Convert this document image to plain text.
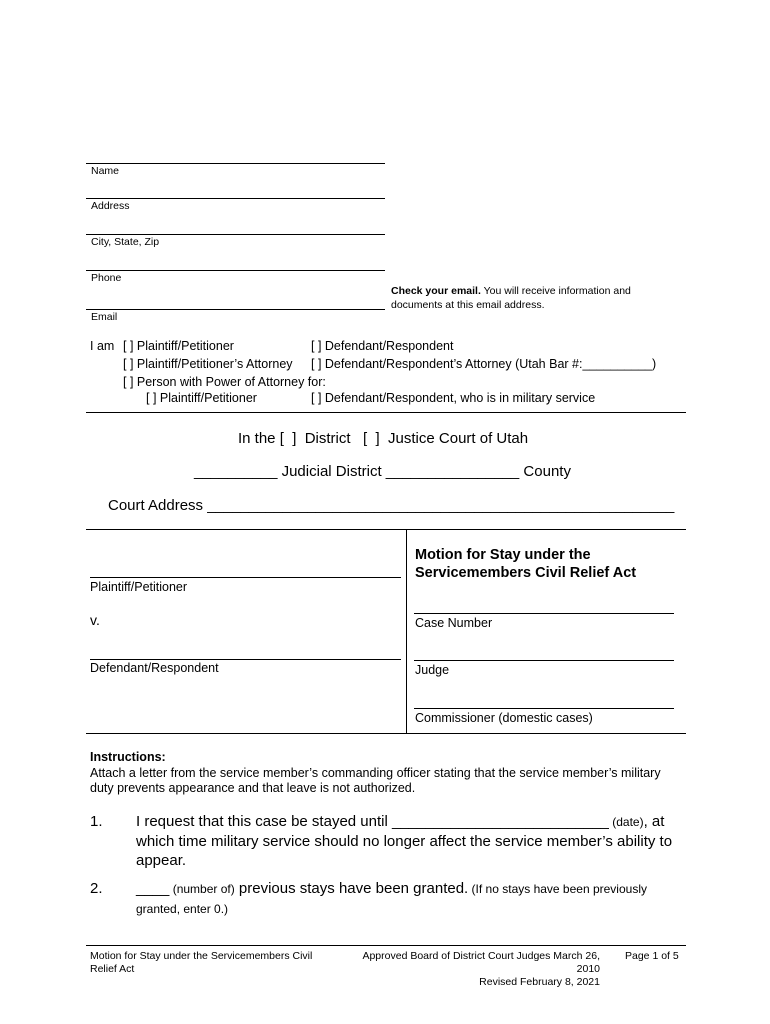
Name
Address
City, State, Zip
Phone
Email
Check your email. You will receive information and
documents at this email address.
I am [ ] Plaintiff/Petitioner	[ ] Defendant/Respondent
[ ] Plaintiff/Petitioner’s Attorney [ ] Defendant/Respondent’s Attorney (Utah Bar #:__________)
[ ] Person with Power of Attorney for:
[ ] Plaintiff/Petitioner	[ ] Defendant/Respondent, who is in military service
In the [  ]  District   [  ]  Justice Court of Utah
__________ Judicial District ________________ County
Court Address ________________________________________________________
Plaintiff/Petitioner
v.
Defendant/Respondent
Motion for Stay under the
Servicemembers Civil Relief Act
Case Number
Judge
Commissioner (domestic cases)
Instructions:
Attach a letter from the service member’s commanding officer stating that the service member’s military duty prevents appearance and that leave is not authorized.
1. I request that this case be stayed until __________________________ (date), at which time military service should no longer affect the service member’s ability to appear.
2. ____ (number of) previous stays have been granted. (If no stays have been previously granted, enter 0.)
Motion for Stay under the Servicemembers Civil
Relief Act
Approved Board of District Court Judges March 26, 2010
Revised February 8, 2021
Page 1 of 5
